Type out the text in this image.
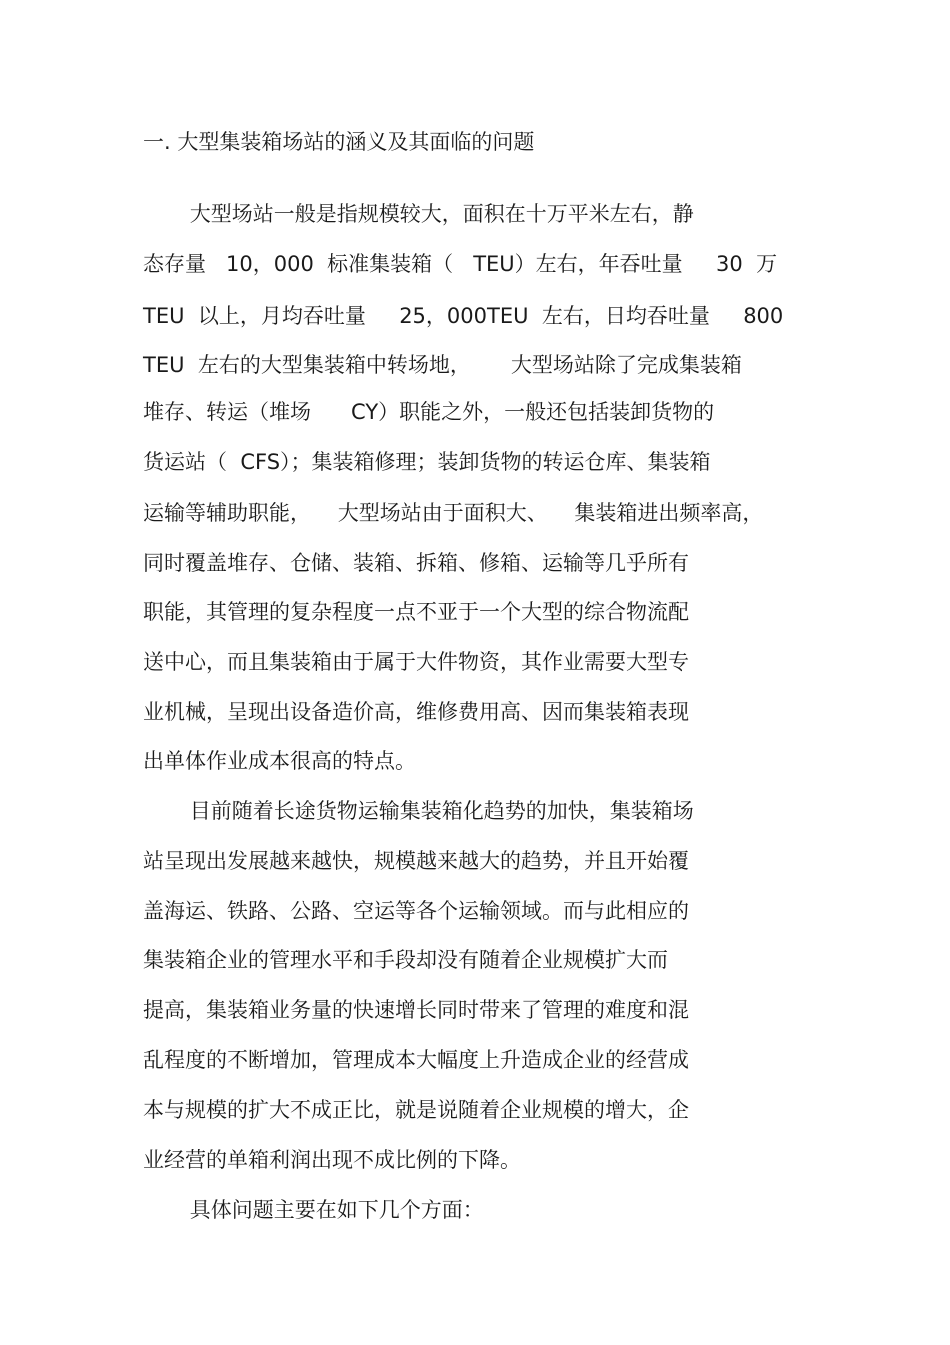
一. 大型集装箱场站的涵义及其面临的问题

大型场站一般是指规模较大，面积在十万平米左右，静

态存量   10，000  标准集装箱（   TEU）左右，年吞吐量     30  万

TEU  以上，月均吞吐量     25，000TEU  左右，日均吞吐量     800

TEU  左右的大型集装箱中转场地，      大型场站除了完成集装箱

堆存、转运（堆场      CY）职能之外，一般还包括装卸货物的

货运站（  CFS）；集装箱修理；装卸货物的转运仓库、集装箱

运输等辅助职能，    大型场站由于面积大、    集装箱进出频率高，

同时覆盖堆存、仓储、装箱、拆箱、修箱、运输等几乎所有

职能，其管理的复杂程度一点不亚于一个大型的综合物流配

送中心，而且集装箱由于属于大件物资，其作业需要大型专

业机械，呈现出设备造价高，维修费用高、因而集装箱表现

出单体作业成本很高的特点。

目前随着长途货物运输集装箱化趋势的加快，集装箱场

站呈现出发展越来越快，规模越来越大的趋势，并且开始覆

盖海运、铁路、公路、空运等各个运输领域。而与此相应的

集装箱企业的管理水平和手段却没有随着企业规模扩大而

提高，集装箱业务量的快速增长同时带来了管理的难度和混

乱程度的不断增加，管理成本大幅度上升造成企业的经营成

本与规模的扩大不成正比，就是说随着企业规模的增大，企

业经营的单箱利润出现不成比例的下降。

具体问题主要在如下几个方面：
